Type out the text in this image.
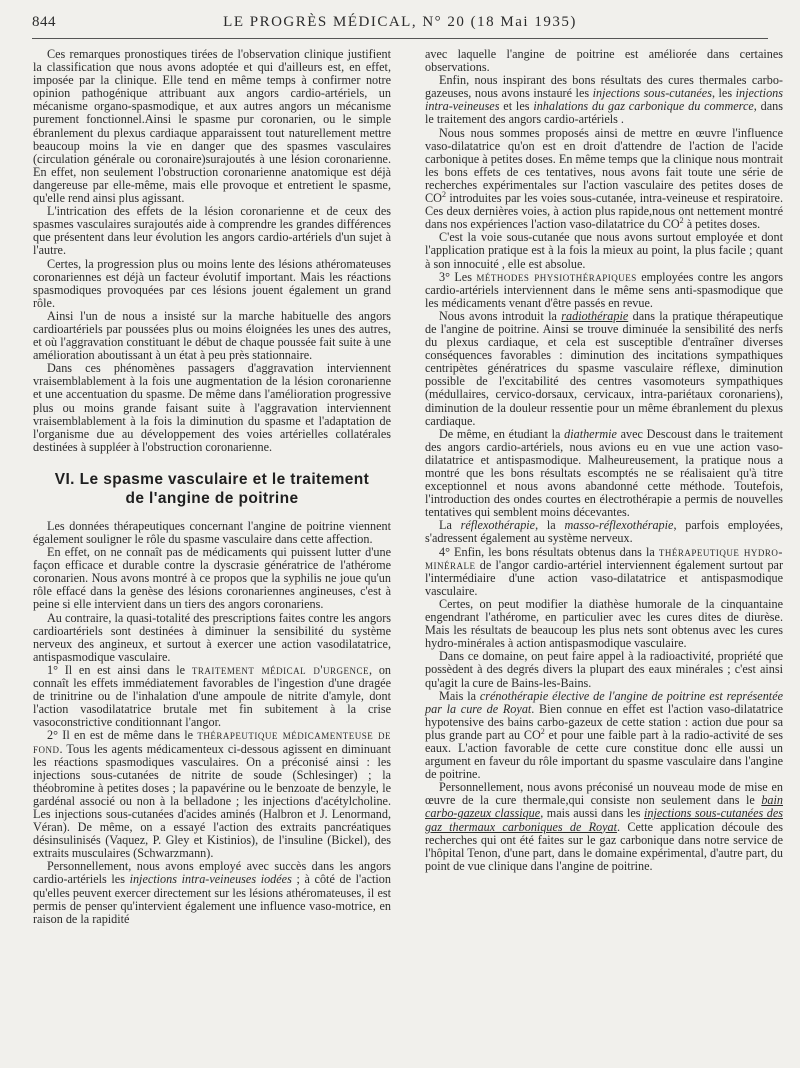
844	LE PROGRÈS MÉDICAL, N° 20 (18 Mai 1935)

Ces remarques pronostiques tirées de l'observation clinique justifient la classification que nous avons adoptée et qui d'ailleurs est, en effet, imposée par la clinique. Elle tend en même temps à confirmer notre opinion pathogénique attribuant aux angors cardio-artériels, un mécanisme organo-spasmodique, et aux autres angors un mécanisme purement fonctionnel.Ainsi le spasme pur coronarien, ou le simple ébranlement du plexus cardiaque apparaissent tout naturellement mettre beaucoup moins la vie en danger que des spasmes vasculaires (circulation générale ou coronaire)surajoutés à une lésion coronarienne. En effet, non seulement l'obstruction coronarienne anatomique est déjà dangereuse par elle-même, mais elle provoque et entretient le spasme, qu'elle rend ainsi plus agissant.

L'intrication des effets de la lésion coronarienne et de ceux des spasmes vasculaires surajoutés aide à comprendre les grandes différences que présentent dans leur évolution les angors cardio-artériels d'un sujet à l'autre.

Certes, la progression plus ou moins lente des lésions athéromateuses coronariennes est déjà un facteur évolutif important. Mais les réactions spasmodiques provoquées par ces lésions jouent également un grand rôle.

Ainsi l'un de nous a insisté sur la marche habituelle des angors cardioartériels par poussées plus ou moins éloignées les unes des autres, et où l'aggravation constituant le début de chaque poussée fait suite à une amélioration aboutissant à un état à peu près stationnaire.

Dans ces phénomènes passagers d'aggravation interviennent vraisemblablement à la fois une augmentation de la lésion coronarienne et une accentuation du spasme. De même dans l'amélioration progressive plus ou moins grande faisant suite à l'aggravation interviennent vraisemblablement à la fois la diminution du spasme et l'adaptation de l'organisme due au développement des voies artérielles collatérales destinées à suppléer à l'obstruction coronarienne.

VI. Le spasme vasculaire et le traitement
de l'angine de poitrine

Les données thérapeutiques concernant l'angine de poitrine viennent également souligner le rôle du spasme vasculaire dans cette affection.

En effet, on ne connaît pas de médicaments qui puissent lutter d'une façon efficace et durable contre la dyscrasie génératrice de l'athérome coronarien. Nous avons montré à ce propos que la syphilis ne joue qu'un rôle effacé dans la genèse des lésions coronariennes angineuses, c'est à peine si elle intervient dans un tiers des angors coronariens.

Au contraire, la quasi-totalité des prescriptions faites contre les angors cardioartériels sont destinées à diminuer la sensibilité du système nerveux des angineux, et surtout à exercer une action vasodilatatrice, antispasmodique vasculaire.

1° Il en est ainsi dans le traitement médical d'urgence, on connaît les effets immédiatement favorables de l'ingestion d'une dragée de trinitrine ou de l'inhalation d'une ampoule de nitrite d'amyle, dont l'action vasodilatatrice brutale met fin subitement à la crise vasoconstrictive conditionnant l'angor.

2° Il en est de même dans le thérapeutique médicamenteuse de fond. Tous les agents médicamenteux ci-dessous agissent en diminuant les réactions spasmodiques vasculaires. On a préconisé ainsi : les injections sous-cutanées de nitrite de soude (Schlesinger) ; la théobromine à petites doses ; la papavérine ou le benzoate de benzyle, le gardénal associé ou non à la belladone ; les injections d'acétylcholine. Les injections sous-cutanées d'acides aminés (Halbron et J. Lenormand, Véran). De même, on a essayé l'action des extraits pancréatiques désinsulinisés (Vaquez, P. Gley et Kistinios), de l'insuline (Bickel), des extraits musculaires (Schwarzmann).

Personnellement, nous avons employé avec succès dans les angors cardio-artériels les injections intra-veineuses iodées ; à côté de l'action qu'elles peuvent exercer directement sur les lésions athéromateuses, il est permis de penser qu'intervient également une influence vaso-motrice, en raison de la rapidité

avec laquelle l'angine de poitrine est améliorée dans certaines observations.

Enfin, nous inspirant des bons résultats des cures thermales carbo-gazeuses, nous avons instauré les injections sous-cutanées, les injections intra-veineuses et les inhalations du gaz carbonique du commerce, dans le traitement des angors cardio-artériels .

Nous nous sommes proposés ainsi de mettre en œuvre l'influence vaso-dilatatrice qu'on est en droit d'attendre de l'action de l'acide carbonique à petites doses. En même temps que la clinique nous montrait les bons effets de ces tentatives, nous avons fait toute une série de recherches expérimentales sur l'action vasculaire des petites doses de $CO^2$ introduites par les voies sous-cutanée, intra-veineuse et respiratoire. Ces deux dernières voies, à action plus rapide,nous ont nettement montré dans nos expériences l'action vaso-dilatatrice du $CO^2$ à petites doses.

C'est la voie sous-cutanée que nous avons surtout employée et dont l'application pratique est à la fois la mieux au point, la plus facile ; quant à son innocuité , elle est absolue.

3° Les méthodes physiothérapiques employées contre les angors cardio-artériels interviennent dans le même sens anti-spasmodique que les médicaments venant d'être passés en revue.

Nous avons introduit la radiothérapie dans la pratique thérapeutique de l'angine de poitrine. Ainsi se trouve diminuée la sensibilité des nerfs du plexus cardiaque, et cela est susceptible d'entraîner diverses conséquences favorables : diminution des incitations sympathiques centripètes génératrices du spasme vasculaire réflexe, diminution possible de l'excitabilité des centres vasomoteurs sympathiques (médullaires, cervico-dorsaux, cervicaux, intra-pariétaux coronariens), diminution de la douleur ressentie pour un même ébranlement du plexus cardiaque.

De même, en étudiant la diathermie avec Descoust dans le traitement des angors cardio-artériels, nous avions eu en vue une action vaso-dilatatrice et antispasmodique. Malheureusement, la pratique nous a montré que les bons résultats escomptés ne se réalisaient qu'à titre exceptionnel et nous avons abandonné cette méthode. Toutefois, l'introduction des ondes courtes en électrothérapie a permis de nouvelles tentatives qui semblent moins décevantes.

La réflexothérapie, la masso-réflexothérapie, parfois employées, s'adressent également au système nerveux.

4° Enfin, les bons résultats obtenus dans la thérapeutique hydro-minérale de l'angor cardio-artériel interviennent également surtout par l'intermédiaire d'une action vaso-dilatatrice et antispasmodique vasculaire.

Certes, on peut modifier la diathèse humorale de la cinquantaine engendrant l'athérome, en particulier avec les cures dites de diurèse. Mais les résultats de beaucoup les plus nets sont obtenus avec les cures hydro-minérales à action antispasmodique vasculaire.

Dans ce domaine, on peut faire appel à la radioactivité, propriété que possèdent à des degrés divers la plupart des eaux minérales ; c'est ainsi qu'agit la cure de Bains-les-Bains.

Mais la crénothérapie élective de l'angine de poitrine est représentée par la cure de Royat. Bien connue en effet est l'action vaso-dilatatrice hypotensive des bains carbo-gazeux de cette station : action due pour sa plus grande part au $CO^2$ et pour une faible part à la radio-activité de ses eaux. L'action favorable de cette cure constitue donc elle aussi un argument en faveur du rôle important du spasme vasculaire dans l'angine de poitrine.

Personnellement, nous avons préconisé un nouveau mode de mise en œuvre de la cure thermale,qui consiste non seulement dans le bain carbo-gazeux classique, mais aussi dans les injections sous-cutanées des gaz thermaux carboniques de Royat. Cette application découle des recherches qui ont été faites sur le gaz carbonique dans notre service de l'hôpital Tenon, d'une part, dans le domaine expérimental, d'autre part, du point de vue clinique dans l'angine de poitrine.
